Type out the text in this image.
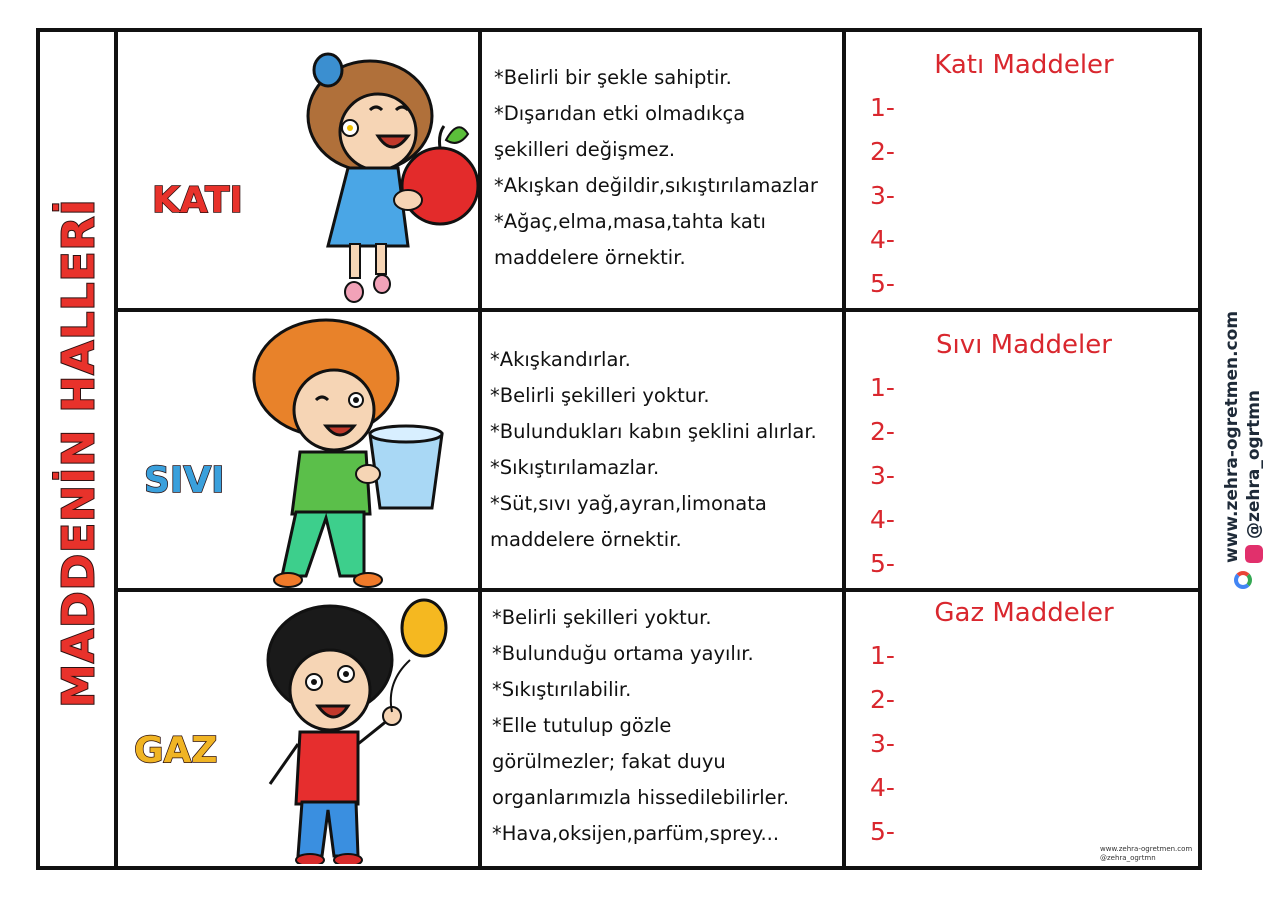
MADDENİN HALLERİ KATI
*Belirli bir şekle sahiptir.
*Dışarıdan etki olmadıkça
şekilleri değişmez.
*Akışkan değildir,sıkıştırılamazlar
*Ağaç,elma,masa,tahta katı
maddelere örnektir.
Katı Maddeler
1-
2-
3-
4-
5-
SIVI
*Akışkandırlar.
*Belirli şekilleri yoktur.
*Bulundukları kabın şeklini alırlar.
*Sıkıştırılamazlar.
*Süt,sıvı yağ,ayran,limonata
maddelere örnektir.
Sıvı Maddeler
1-
2-
3-
4-
5-
GAZ
*Belirli şekilleri yoktur.
*Bulunduğu ortama yayılır.
*Sıkıştırılabilir.
*Elle tutulup gözle
görülmezler; fakat duyu
organlarımızla hissedilebilirler.
*Hava,oksijen,parfüm,sprey...
Gaz Maddeler
1-
2-
3-
4-
5-
www.zehra-ogretmen.com @zehra_ogrtmn
www.zehra-ogretmen.com
@zehra_ogrtmn
